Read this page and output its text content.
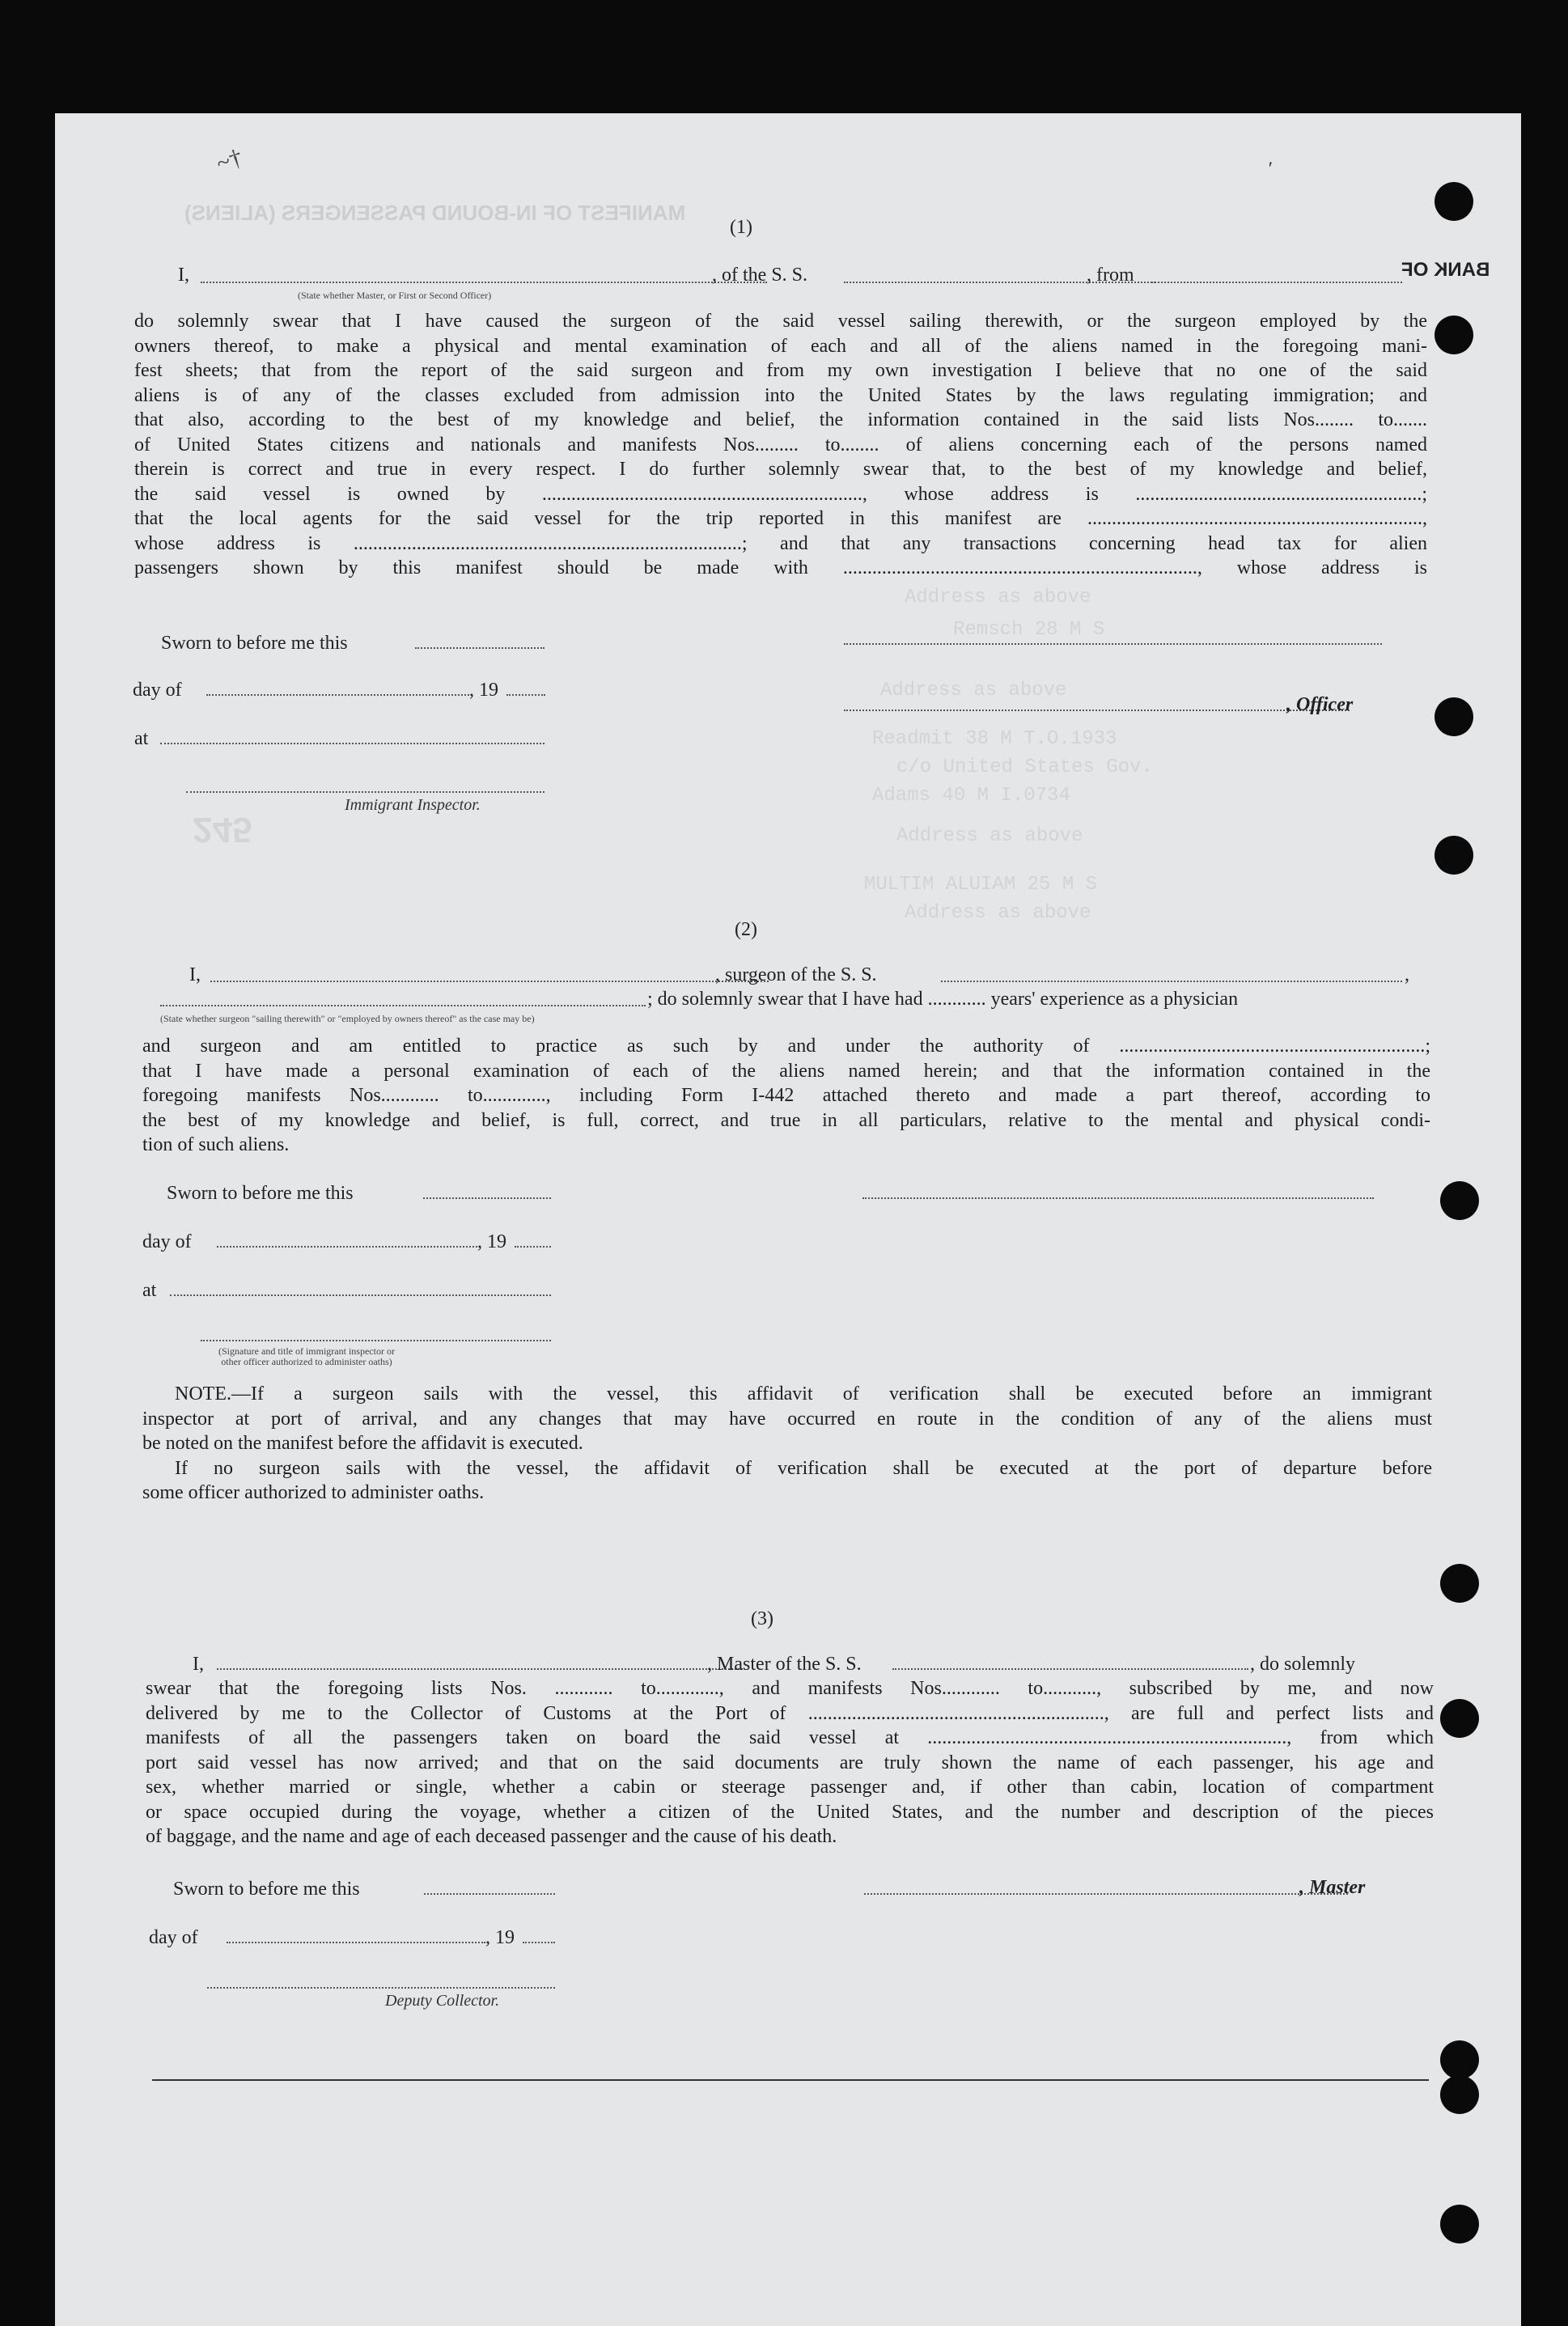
MANIFEST OF IN-BOUND PASSENGERS (ALIENS)
Address as above
Remsch 28 M S
Address as above
Readmit 38 M T.O.1933
c/o United States Gov.
Adams 40 M I.0734
Address as above
MULTIM ALUIAM 25 M S
Address as above
245
(1)
I,	, of the S. S.	, from
(State whether Master, or First or Second Officer)
do solemnly swear that I have caused the surgeon of the said vessel sailing therewith, or the surgeon employed by the
owners thereof, to make a physical and mental examination of each and all of the aliens named in the foregoing mani-
fest sheets; that from the report of the said surgeon and from my own investigation I believe that no one of the said
aliens is of any of the classes excluded from admission into the United States by the laws regulating immigration; and
that also, according to the best of my knowledge and belief, the information contained in the said lists Nos........ to.......
of United States citizens and nationals and manifests Nos......... to........ of aliens concerning each of the persons named
therein is correct and true in every respect. I do further solemnly swear that, to the best of my knowledge and belief,
the said vessel is owned by .................................................................., whose address is ...........................................................;
that the local agents for the said vessel for the trip reported in this manifest are .....................................................................,
whose address is ................................................................................; and that any transactions concerning head tax for alien
passengers shown by this manifest should be made with ........................................................................., whose address is
Sworn to before me this
day of	, 19
at
Immigrant Inspector.
, Officer
(2)
I,	, surgeon of the S. S.	,
; do solemnly swear that I have had ............ years' experience as a physician
(State whether surgeon "sailing therewith" or "employed by owners thereof" as the case may be)
and surgeon and am entitled to practice as such by and under the authority of ...............................................................;
that I have made a personal examination of each of the aliens named herein; and that the information contained in the
foregoing manifests Nos............ to............., including Form I-442 attached thereto and made a part thereof, according to
the best of my knowledge and belief, is full, correct, and true in all particulars, relative to the mental and physical condi-
tion of such aliens.
Sworn to before me this
day of	, 19
at
(Signature and title of immigrant inspector or
other officer authorized to administer oaths)
NOTE.—If a surgeon sails with the vessel, this affidavit of verification shall be executed before an immigrant
inspector at port of arrival, and any changes that may have occurred en route in the condition of any of the aliens must
be noted on the manifest before the affidavit is executed.
If no surgeon sails with the vessel, the affidavit of verification shall be executed at the port of departure before
some officer authorized to administer oaths.
(3)
I,	, Master of the S. S.	, do solemnly
swear that the foregoing lists Nos. ............ to............., and manifests Nos............ to..........., subscribed by me, and now
delivered by me to the Collector of Customs at the Port of ............................................................., are full and perfect lists and
manifests of all the passengers taken on board the said vessel at .........................................................................., from which
port said vessel has now arrived; and that on the said documents are truly shown the name of each passenger, his age and
sex, whether married or single, whether a cabin or steerage passenger and, if other than cabin, location of compartment
or space occupied during the voyage, whether a citizen of the United States, and the number and description of the pieces
of baggage, and the name and age of each deceased passenger and the cause of his death.
Sworn to before me this
day of	, 19
Deputy Collector.
, Master
~†	′
BANK OF
